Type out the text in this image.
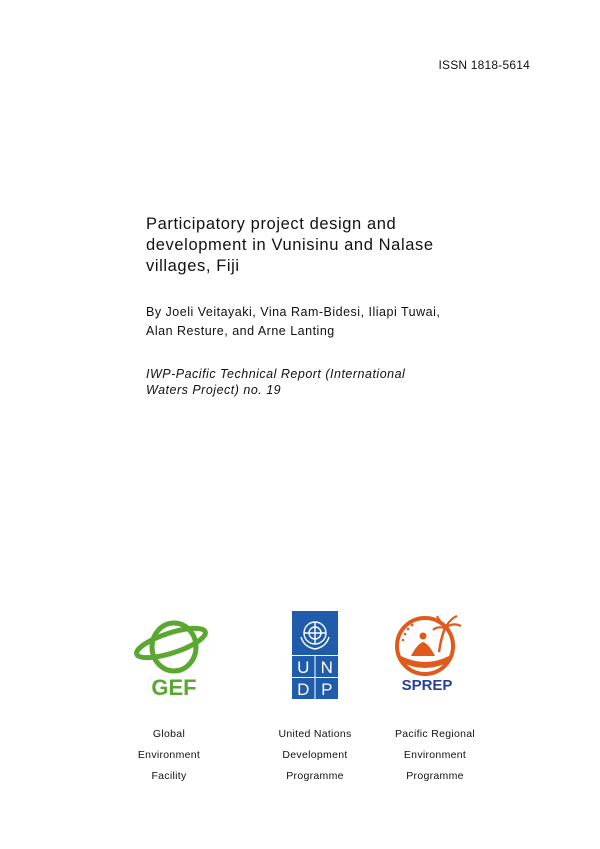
ISSN 1818-5614
Participatory project design and
development in Vunisinu and Nalase
villages, Fiji

By Joeli Veitayaki, Vina Ram-Bidesi, Iliapi Tuwai,
Alan Resture, and Arne Lanting

IWP-Pacific Technical Report (International
Waters Project) no. 19

GEF
U N
D P	SPREP
Global
Environment
Facility
United Nations
Development
Programme
Pacific Regional
Environment
Programme
